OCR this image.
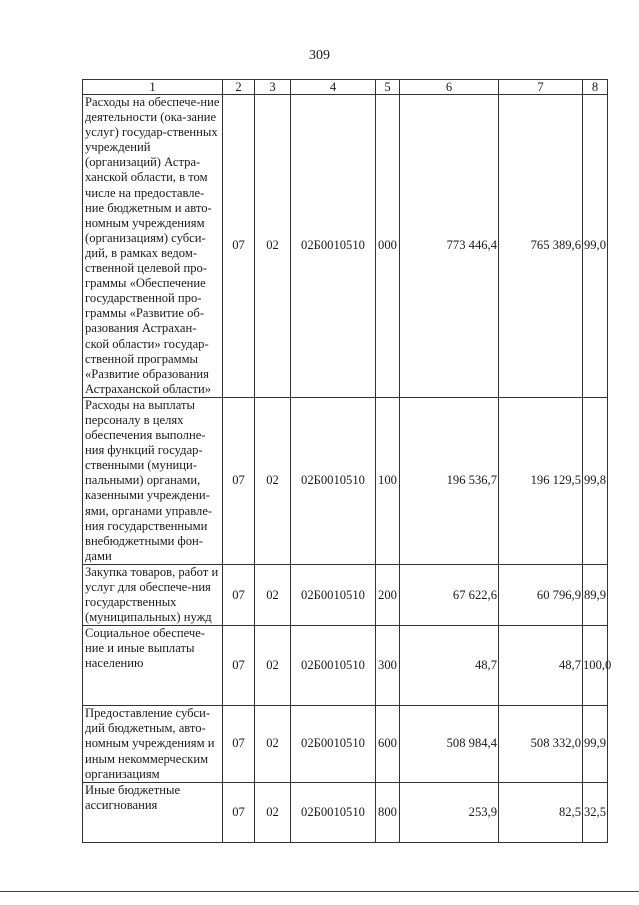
309
1	2	3	4	5	6	7	8
Расходы на обеспече-ние деятельности (ока-зание услуг) государ-ственных учреждений (организаций) Астра-ханской области, в том числе на предоставле-ние бюджетным и авто-номным учреждениям (организациям) субси-дий, в рамках ведом-ственной целевой про-граммы «Обеспечение государственной про-граммы «Развитие об-разования Астрахан-ской области» государ-ственной программы «Развитие образования Астраханской области»	07	02	02Б0010510	000	773 446,4	765 389,6	99,0
Расходы на выплаты персоналу в целях обеспечения выполне-ния функций государ-ственными (муници-пальными) органами, казенными учреждени-ями, органами управле-ния государственными внебюджетными фон-дами	07	02	02Б0010510	100	196 536,7	196 129,5	99,8
Закупка товаров, работ и услуг для обеспече-ния государственных (муниципальных) нужд	07	02	02Б0010510	200	67 622,6	60 796,9	89,9
Социальное обеспече-ние и иные выплаты населению	07	02	02Б0010510	300	48,7	48,7	100,0
Предоставление субси-дий бюджетным, авто-номным учреждениям и иным некоммерческим организациям	07	02	02Б0010510	600	508 984,4	508 332,0	99,9
Иные бюджетные ассигнования	07	02	02Б0010510	800	253,9	82,5	32,5
